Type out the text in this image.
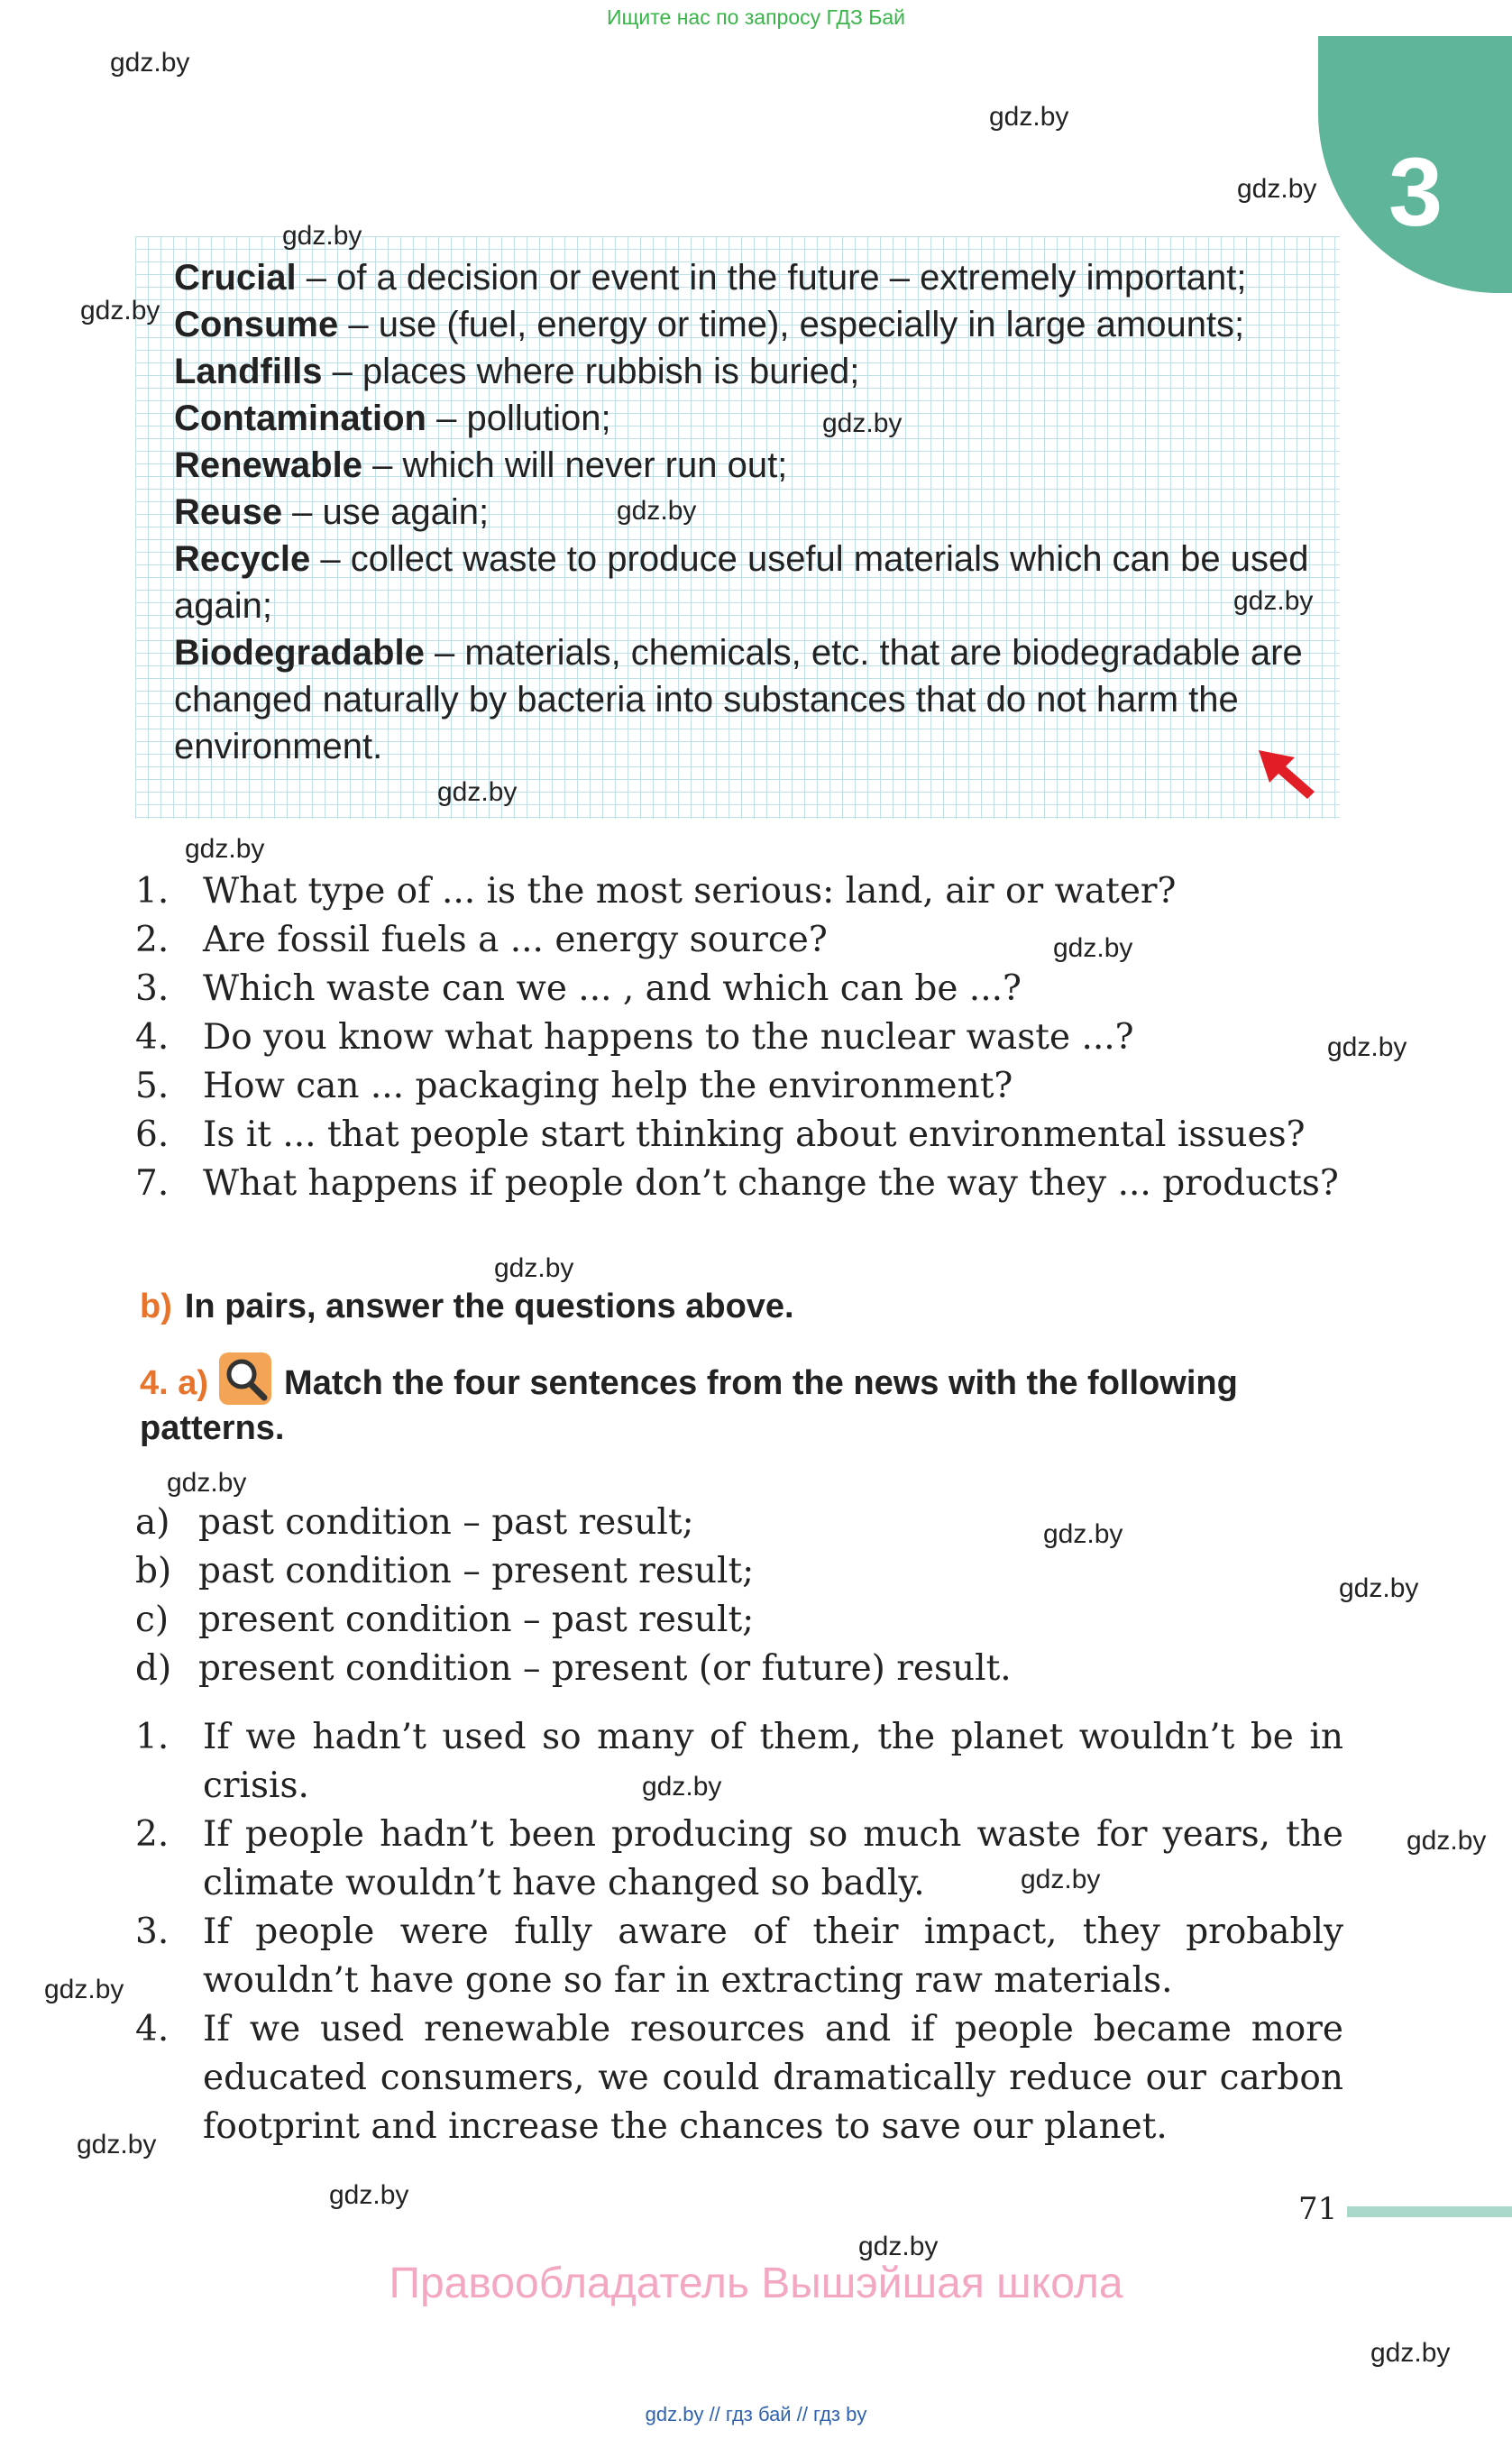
Ищите нас по запросу ГДЗ Бай
3

Crucial – of a decision or event in the future – extremely important;

Consume – use (fuel, energy or time), especially in large amounts;

Landfills – places where rubbish is buried;

Contamination – pollution;

Renewable – which will never run out;

Reuse – use again;

Recycle – collect waste to produce useful materials which can be used again;

Biodegradable – materials, chemicals, etc. that are biodegradable are changed naturally by bacteria into substances that do not harm the environment.

1. What type of ... is the most serious: land, air or water?
2. Are fossil fuels a ... energy source?
3. Which waste can we ... , and which can be ...?
4. Do you know what happens to the nuclear waste ...?
5. How can ... packaging help the environment?
6. Is it ... that people start thinking about environmental issues?
7. What happens if people don’t change the way they ... products?
b) In pairs, answer the questions above.
4. a) Match the four sentences from the news with the following patterns.
a) past condition – past result;
b) past condition – present result;
c) present condition – past result;
d) present condition – present (or future) result.
1. If we hadn’t used so many of them, the planet wouldn’t be in crisis.
2. If people hadn’t been producing so much waste for years, the climate wouldn’t have changed so badly.
3. If people were fully aware of their impact, they probably wouldn’t have gone so far in extracting raw materials.
4. If we used renewable resources and if people became more educated consumers, we could dramatically reduce our carbon footprint and increase the chances to save our planet.
71
Правообладатель Вышэйшая школа
gdz.by // гдз бай // гдз by
gdz.by
gdz.by
gdz.by
gdz.by
gdz.by
gdz.by
gdz.by
gdz.by
gdz.by
gdz.by
gdz.by
gdz.by
gdz.by
gdz.by
gdz.by
gdz.by
gdz.by
gdz.by
gdz.by
gdz.by
gdz.by
gdz.by
gdz.by
gdz.by
